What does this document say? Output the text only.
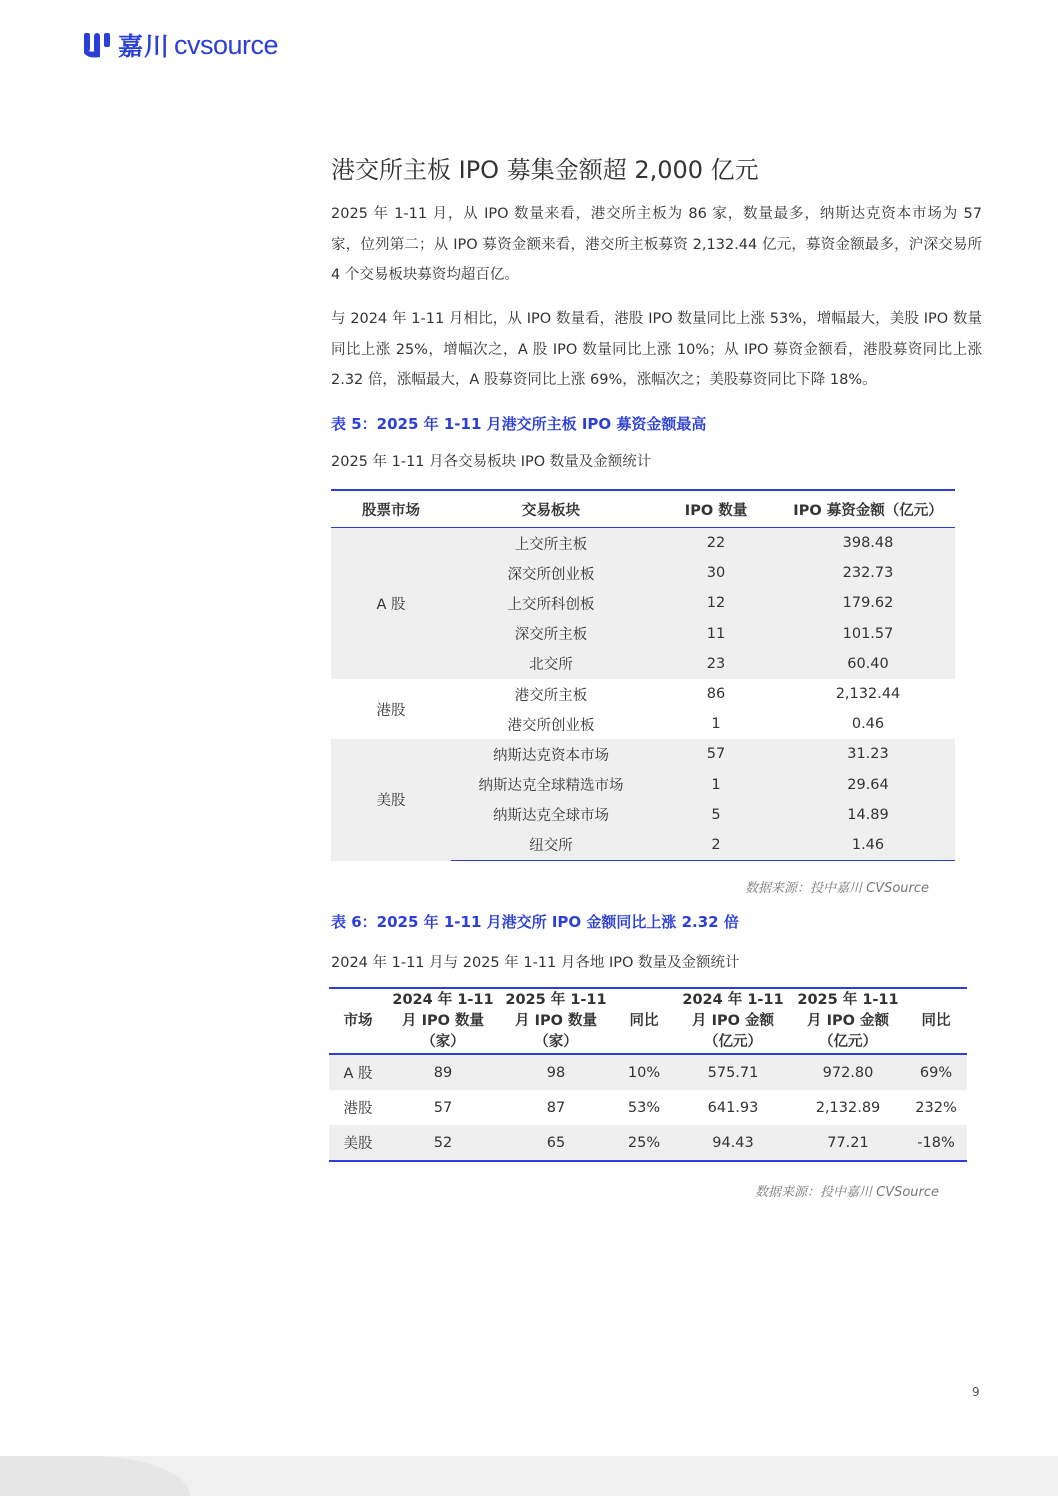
嘉川 cvsource
港交所主板 IPO 募集金额超 2,000 亿元
2025 年 1-11 月，从 IPO 数量来看，港交所主板为 86 家，数量最多，纳斯达克资本市场为 57 家，位列第二；从 IPO 募资金额来看，港交所主板募资 2,132.44 亿元，募资金额最多，沪深交易所 4 个交易板块募资均超百亿。
与 2024 年 1-11 月相比，从 IPO 数量看，港股 IPO 数量同比上涨 53%，增幅最大，美股 IPO 数量同比上涨 25%，增幅次之，A 股 IPO 数量同比上涨 10%；从 IPO 募资金额看，港股募资同比上涨 2.32 倍，涨幅最大，A 股募资同比上涨 69%，涨幅次之；美股募资同比下降 18%。
表 5：2025 年 1-11 月港交所主板 IPO 募资金额最高
2025 年 1-11 月各交易板块 IPO 数量及金额统计
股票市场	交易板块	IPO 数量	IPO 募资金额（亿元）
A 股	上交所主板	22	398.48
	深交所创业板	30	232.73
	上交所科创板	12	179.62
	深交所主板	11	101.57
	北交所	23	60.40
港股	港交所主板	86	2,132.44
	港交所创业板	1	0.46
美股	纳斯达克资本市场	57	31.23
	纳斯达克全球精选市场	1	29.64
	纳斯达克全球市场	5	14.89
	纽交所	2	1.46
数据来源：投中嘉川 CVSource
表 6：2025 年 1-11 月港交所 IPO 金额同比上涨 2.32 倍
2024 年 1-11 月与 2025 年 1-11 月各地 IPO 数量及金额统计
市场	2024 年 1-11 月 IPO 数量（家）	2025 年 1-11 月 IPO 数量（家）	同比	2024 年 1-11 月 IPO 金额（亿元）	2025 年 1-11 月 IPO 金额（亿元）	同比
A 股	89	98	10%	575.71	972.80	69%
港股	57	87	53%	641.93	2,132.89	232%
美股	52	65	25%	94.43	77.21	-18%
数据来源：投中嘉川 CVSource
9
